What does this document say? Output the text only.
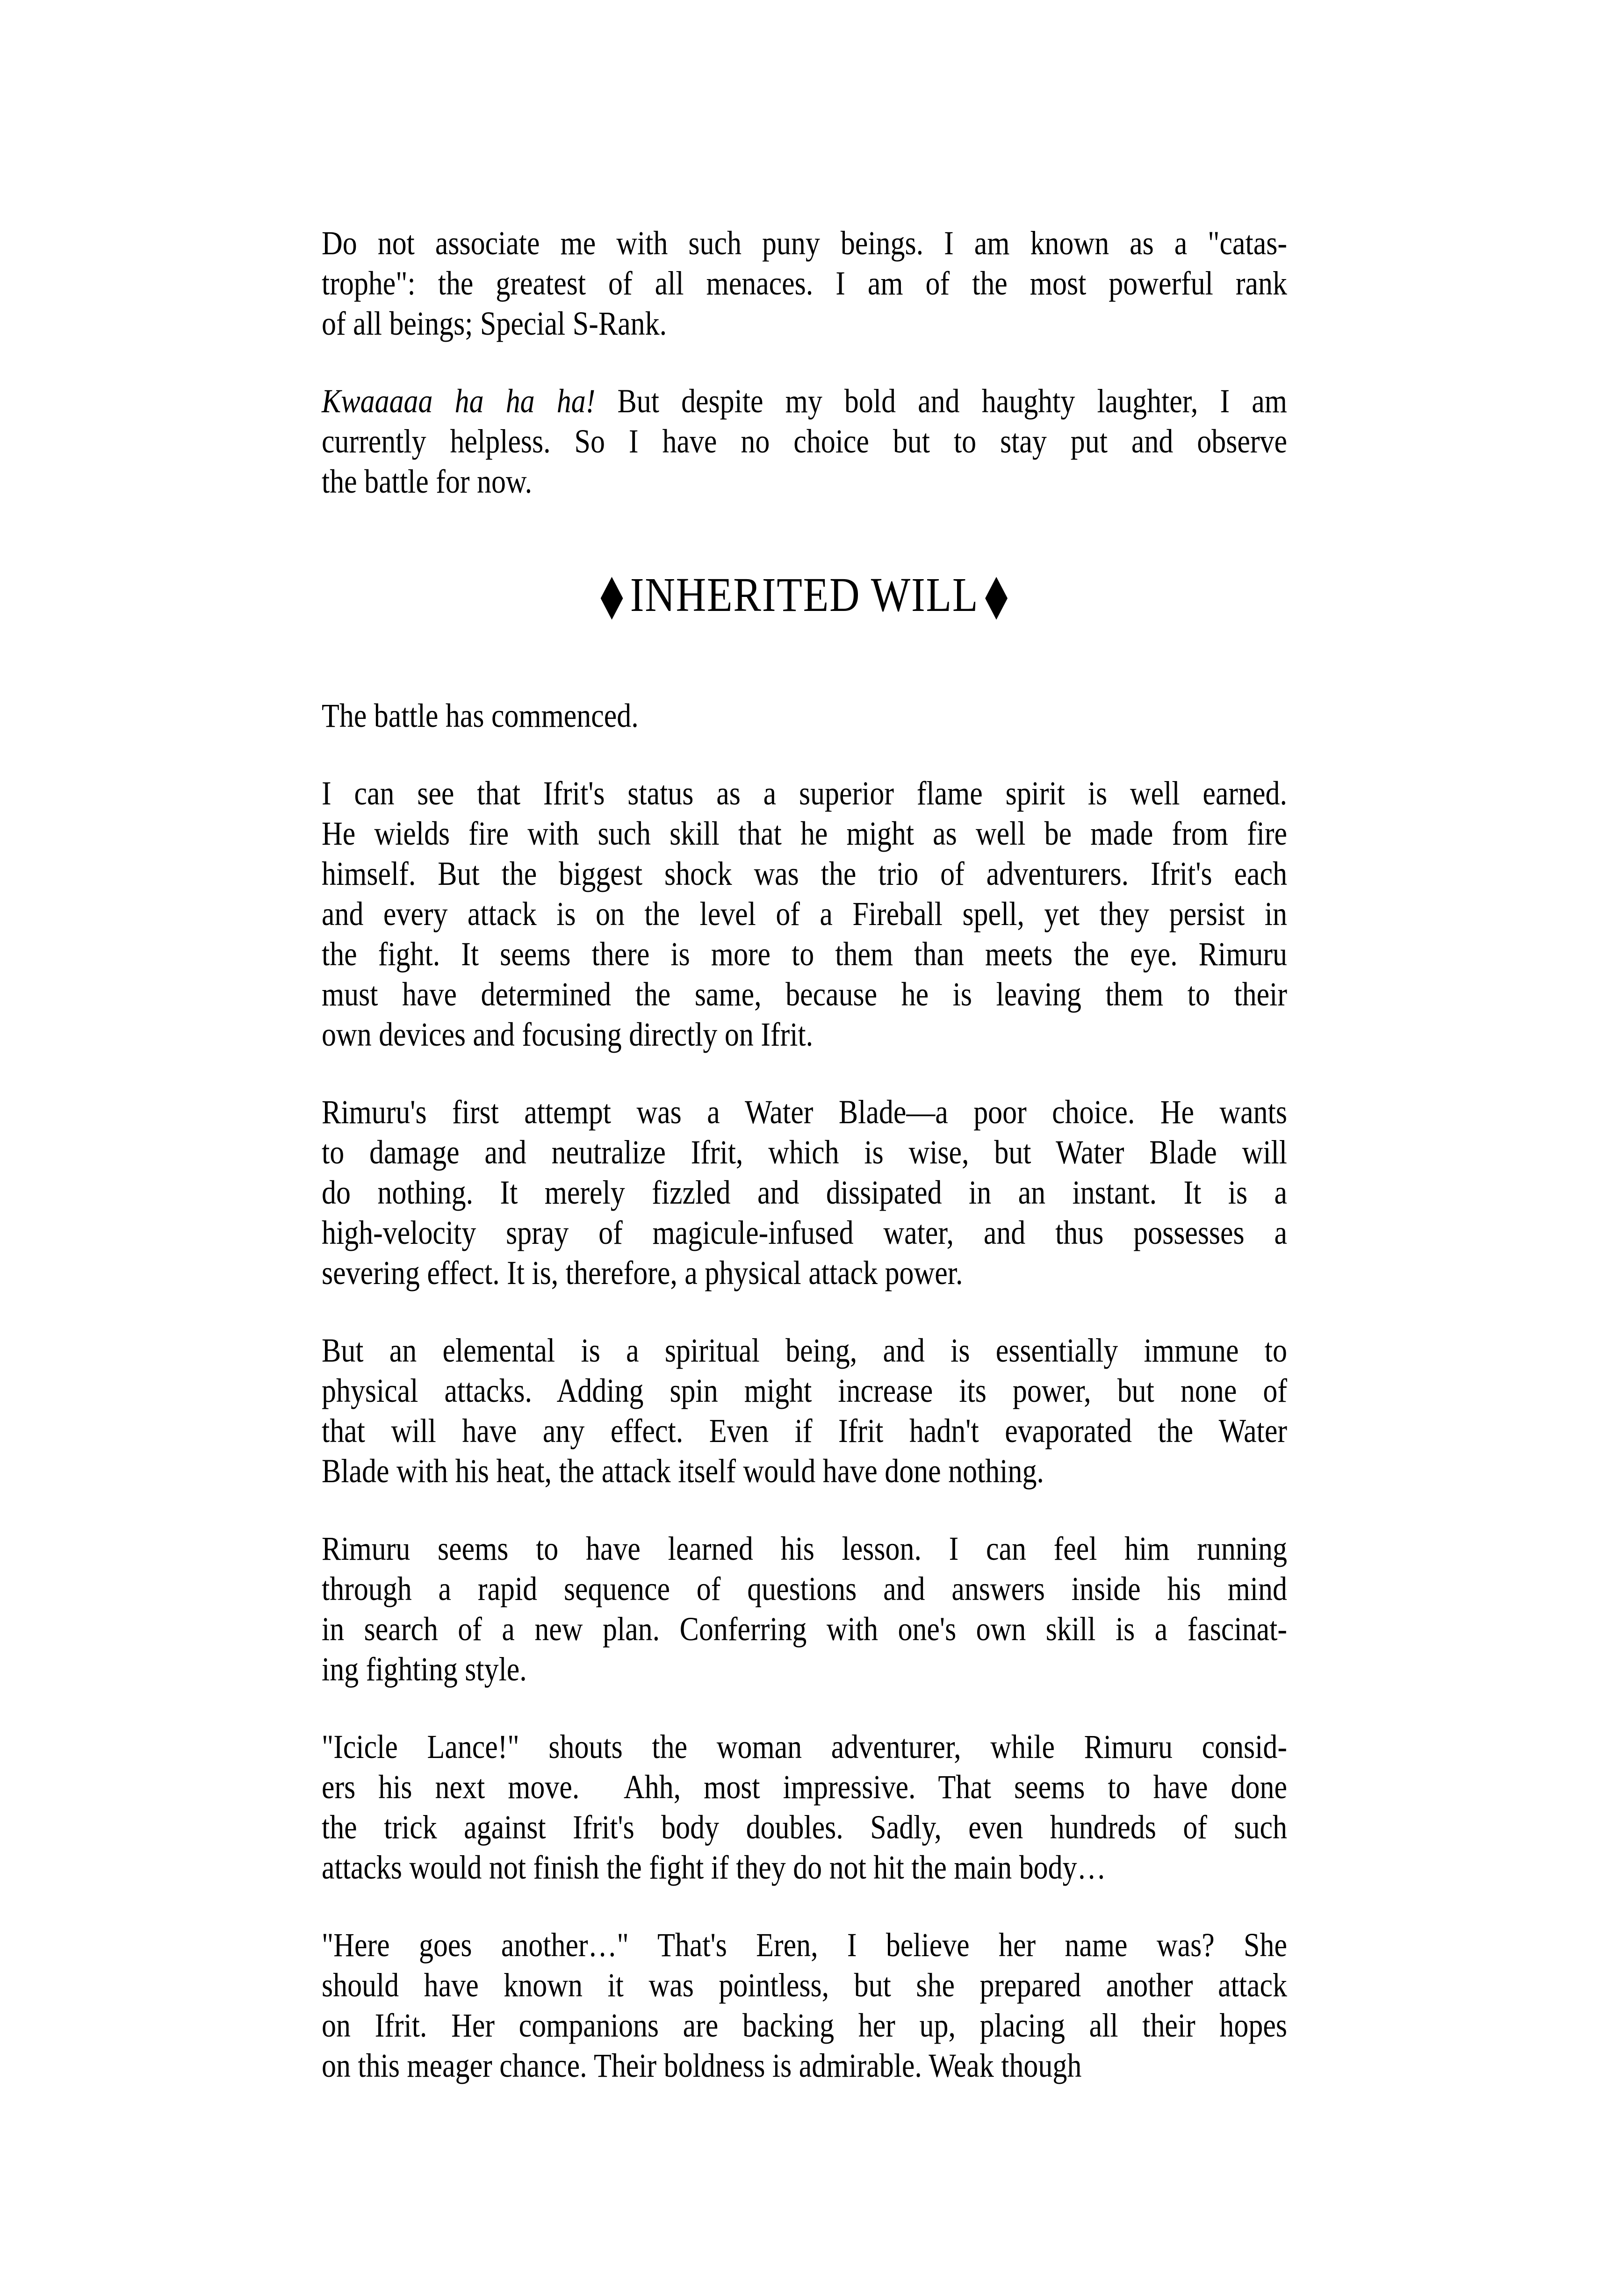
Do not associate me with such puny beings. I am known as a "catas-
trophe": the greatest of all menaces. I am of the most powerful rank
of all beings; Special S-Rank.
Kwaaaaa ha ha ha! But despite my bold and haughty laughter, I am
currently helpless. So I have no choice but to stay put and observe
the battle for now.
◆ INHERITED WILL ◆
The battle has commenced.
I can see that Ifrit's status as a superior flame spirit is well earned.
He wields fire with such skill that he might as well be made from fire
himself. But the biggest shock was the trio of adventurers. Ifrit's each
and every attack is on the level of a Fireball spell, yet they persist in
the fight. It seems there is more to them than meets the eye. Rimuru
must have determined the same, because he is leaving them to their
own devices and focusing directly on Ifrit.
Rimuru's first attempt was a Water Blade—a poor choice. He wants
to damage and neutralize Ifrit, which is wise, but Water Blade will
do nothing. It merely fizzled and dissipated in an instant. It is a
high-velocity spray of magicule-infused water, and thus possesses a
severing effect. It is, therefore, a physical attack power.
But an elemental is a spiritual being, and is essentially immune to
physical attacks. Adding spin might increase its power, but none of
that will have any effect. Even if Ifrit hadn't evaporated the Water
Blade with his heat, the attack itself would have done nothing.
Rimuru seems to have learned his lesson. I can feel him running
through a rapid sequence of questions and answers inside his mind
in search of a new plan. Conferring with one's own skill is a fascinat-
ing fighting style.
"Icicle Lance!" shouts the woman adventurer, while Rimuru consid-
ers his next move.  Ahh, most impressive. That seems to have done
the trick against Ifrit's body doubles. Sadly, even hundreds of such
attacks would not finish the fight if they do not hit the main body…
"Here goes another…" That's Eren, I believe her name was? She
should have known it was pointless, but she prepared another attack
on Ifrit. Her companions are backing her up, placing all their hopes
on this meager chance. Their boldness is admirable. Weak though
